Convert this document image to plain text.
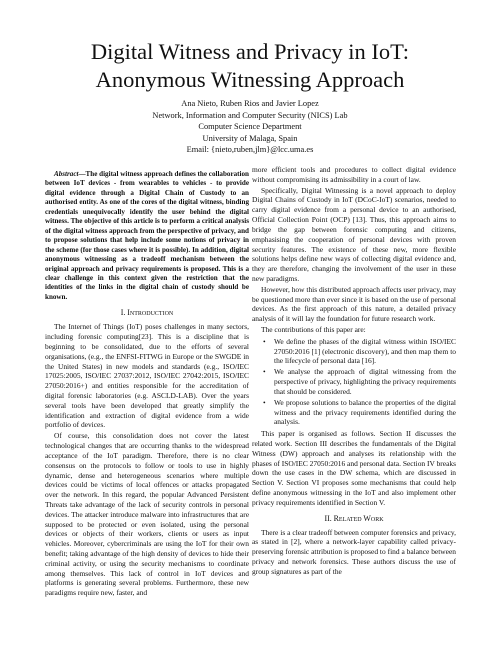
Digital Witness and Privacy in IoT:
Anonymous Witnessing Approach
Ana Nieto, Ruben Rios and Javier Lopez
Network, Information and Computer Security (NICS) Lab
Computer Science Department
University of Malaga, Spain
Email: {nieto,ruben,jlm}@lcc.uma.es

Abstract—The digital witness approach defines the collaboration between IoT devices - from wearables to vehicles - to provide digital evidence through a Digital Chain of Custody to an authorised entity. As one of the cores of the digital witness, binding credentials unequivocally identify the user behind the digital witness. The objective of this article is to perform a critical analysis of the digital witness approach from the perspective of privacy, and to propose solutions that help include some notions of privacy in the scheme (for those cases where it is possible). In addition, digital anonymous witnessing as a tradeoff mechanism between the original approach and privacy requirements is proposed. This is a clear challenge in this context given the restriction that the identities of the links in the digital chain of custody should be known.

I. Introduction

The Internet of Things (IoT) poses challenges in many sectors, including forensic computing[23]. This is a discipline that is beginning to be consolidated, due to the efforts of several organisations, (e.g., the ENFSI-FITWG in Europe or the SWGDE in the United States) in new models and standards (e.g., ISO/IEC 17025:2005, ISO/IEC 27037:2012, ISO/IEC 27042:2015, ISO/IEC 27050:2016+) and entities responsible for the accreditation of digital forensic laboratories (e.g. ASCLD-LAB). Over the years several tools have been developed that greatly simplify the identification and extraction of digital evidence from a wide portfolio of devices.

Of course, this consolidation does not cover the latest technological changes that are occurring thanks to the widespread acceptance of the IoT paradigm. Therefore, there is no clear consensus on the protocols to follow or tools to use in highly dynamic, dense and heterogeneous scenarios where multiple devices could be victims of local offences or attacks propagated over the network. In this regard, the popular Advanced Persistent Threats take advantage of the lack of security controls in personal devices. The attacker introduce malware into infrastructures that are supposed to be protected or even isolated, using the personal devices or objects of their workers, clients or users as input vehicles. Moreover, cybercriminals are using the IoT for their own benefit; taking advantage of the high density of devices to hide their criminal activity, or using the security mechanisms to coordinate among themselves. This lack of control in IoT devices and platforms is generating several problems. Furthermore, these new paradigms require new, faster, and

more efficient tools and procedures to collect digital evidence without compromising its admissibility in a court of law.

Specifically, Digital Witnessing is a novel approach to deploy Digital Chains of Custody in IoT (DCoC-IoT) scenarios, needed to carry digital evidence from a personal device to an authorised, Official Collection Point (OCP) [13]. Thus, this approach aims to bridge the gap between forensic computing and citizens, emphasising the cooperation of personal devices with proven security features. The existence of these new, more flexible solutions helps define new ways of collecting digital evidence and, they are therefore, changing the involvement of the user in these new paradigms.

However, how this distributed approach affects user privacy, may be questioned more than ever since it is based on the use of personal devices. As the first approach of this nature, a detailed privacy analysis of it will lay the foundation for future research work.

The contributions of this paper are:

• We define the phases of the digital witness within ISO/IEC 27050:2016 [1] (electronic discovery), and then map them to the lifecycle of personal data [16].
• We analyse the approach of digital witnessing from the perspective of privacy, highlighting the privacy requirements that should be considered.
• We propose solutions to balance the properties of the digital witness and the privacy requirements identified during the analysis.

This paper is organised as follows. Section II discusses the related work. Section III describes the fundamentals of the Digital Witness (DW) approach and analyses its relationship with the phases of ISO/IEC 27050:2016 and personal data. Section IV breaks down the use cases in the DW schema, which are discussed in Section V. Section VI proposes some mechanisms that could help define anonymous witnessing in the IoT and also implement other privacy requirements identified in Section V.

II. Related Work

There is a clear tradeoff between computer forensics and privacy, as stated in [2], where a network-layer capability called privacy-preserving forensic attribution is proposed to find a balance between privacy and network forensics. These authors discuss the use of group signatures as part of the
